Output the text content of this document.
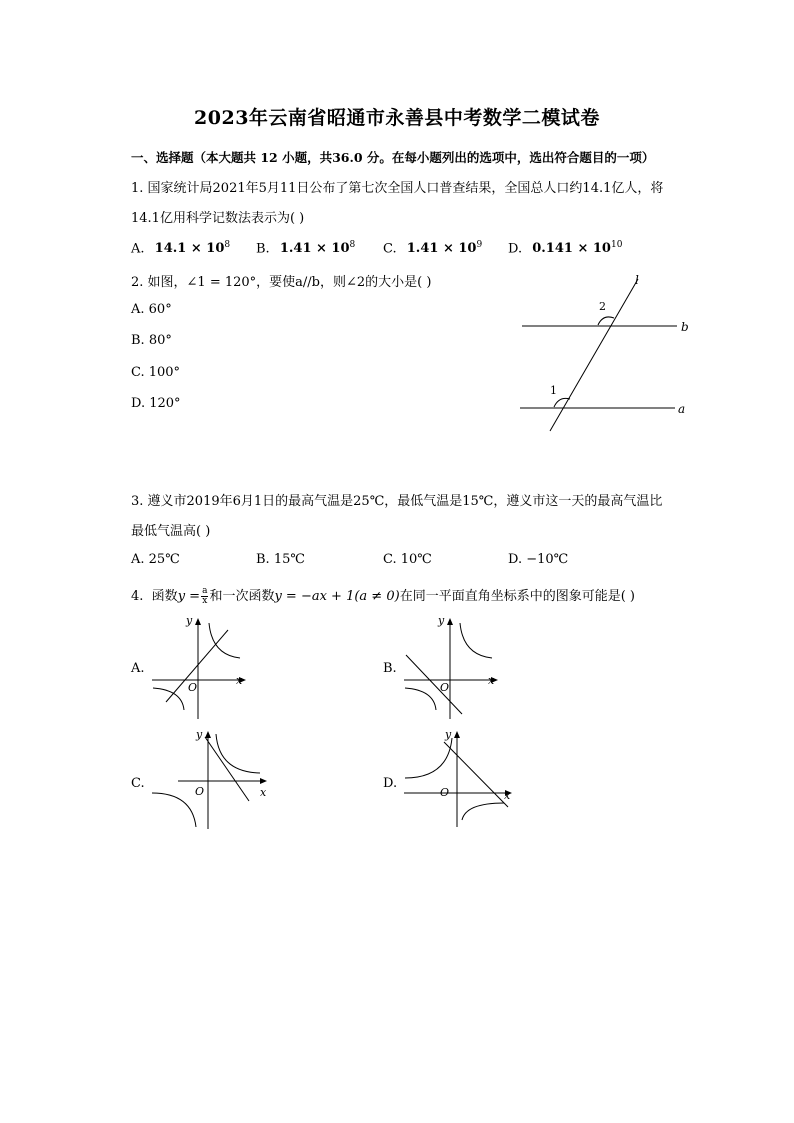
2023年云南省昭通市永善县中考数学二模试卷
一、选择题（本大题共 12 小题，共36.0 分。在每小题列出的选项中，选出符合题目的一项）
1. 国家统计局2021年5月11日公布了第七次全国人口普查结果，全国总人口约14.1亿人，将
14.1亿用科学记数法表示为( )
A. $14.1 \times 10^8$ B. $1.41 \times 10^8$ C. $1.41 \times 10^9$ D. $0.141 \times 10^{10}$
2. 如图，∠1 = 120°，要使a//b，则∠2的大小是( )
A. 60°
B. 80°
C. 100°
D. 120°
l
b
a
2
1
3. 遵义市2019年6月1日的最高气温是25℃，最低气温是15℃，遵义市这一天的最高气温比
最低气温高( )
A. 25℃	B. 15℃	C. 10℃	D. −10℃
4. 函数$y = \frac{a}{x}$ 和一次函数y = −ax + 1(a ≠ 0)在同一平面直角坐标系中的图象可能是( )
A.
y
x
O
B.
y
x
O
C.
y
x
O
D.
y
x
O
